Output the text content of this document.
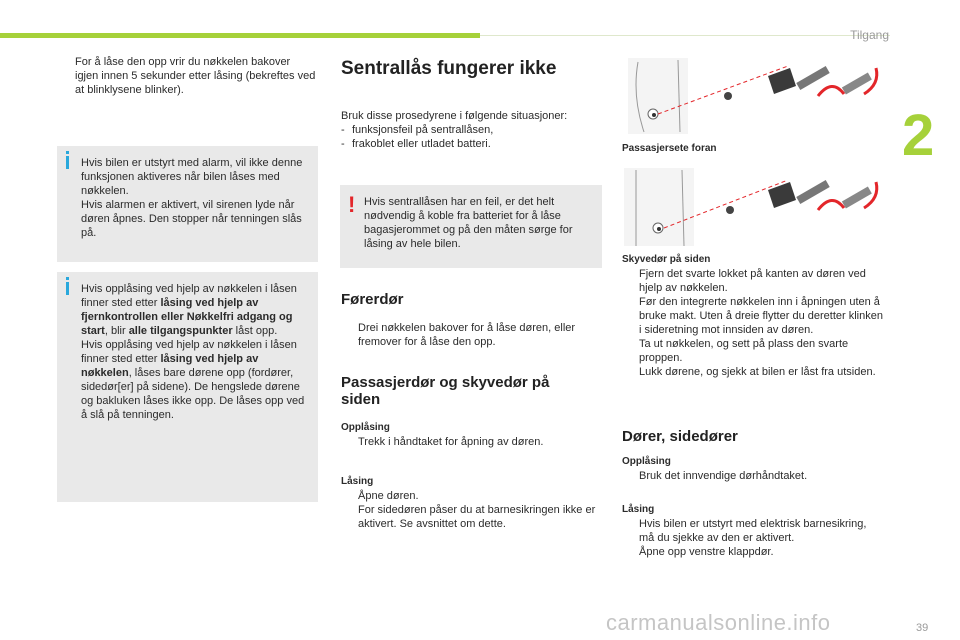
Tilgang
2
39

For å låse den opp vrir du nøkkelen bakover igjen innen 5 sekunder etter låsing (bekreftes ved at blinklysene blinker).

Hvis bilen er utstyrt med alarm, vil ikke denne funksjonen aktiveres når bilen låses med nøkkelen.
Hvis alarmen er aktivert, vil sirenen lyde når døren åpnes. Den stopper når tenningen slås på.
Hvis opplåsing ved hjelp av nøkkelen i låsen finner sted etter låsing ved hjelp av fjernkontrollen eller Nøkkelfri adgang og start, blir alle tilgangspunkter låst opp.
Hvis opplåsing ved hjelp av nøkkelen i låsen finner sted etter låsing ved hjelp av nøkkelen, låses bare dørene opp (fordører, sidedør[er] på sidene). De hengslede dørene og bakluken låses ikke opp. De låses opp ved å slå på tenningen.
Sentrallås fungerer ikke
Bruk disse prosedyrene i følgende situasjoner:
- funksjonsfeil på sentrallåsen,
- frakoblet eller utladet batteri.
! Hvis sentrallåsen har en feil, er det helt nødvendig å koble fra batteriet for å låse bagasjerommet og på den måten sørge for låsing av hele bilen.
Førerdør

Drei nøkkelen bakover for å låse døren, eller fremover for å låse den opp.

Passasjerdør og skyvedør på siden
Opplåsing

Trekk i håndtaket for åpning av døren.

Låsing

Åpne døren.

For sidedøren påser du at barnesikringen ikke er aktivert. Se avsnittet om dette.

Passasjersete foran
Skyvedør på siden

Fjern det svarte lokket på kanten av døren ved hjelp av nøkkelen.

Før den integrerte nøkkelen inn i åpningen uten å bruke makt. Uten å dreie flytter du deretter klinken i sideretning mot innsiden av døren.

Ta ut nøkkelen, og sett på plass den svarte proppen.

Lukk dørene, og sjekk at bilen er låst fra utsiden.

Dører, sidedører
Opplåsing

Bruk det innvendige dørhåndtaket.

Låsing

Hvis bilen er utstyrt med elektrisk barnesikring, må du sjekke av den er aktivert.

Åpne opp venstre klappdør.

carmanualsonline.info
